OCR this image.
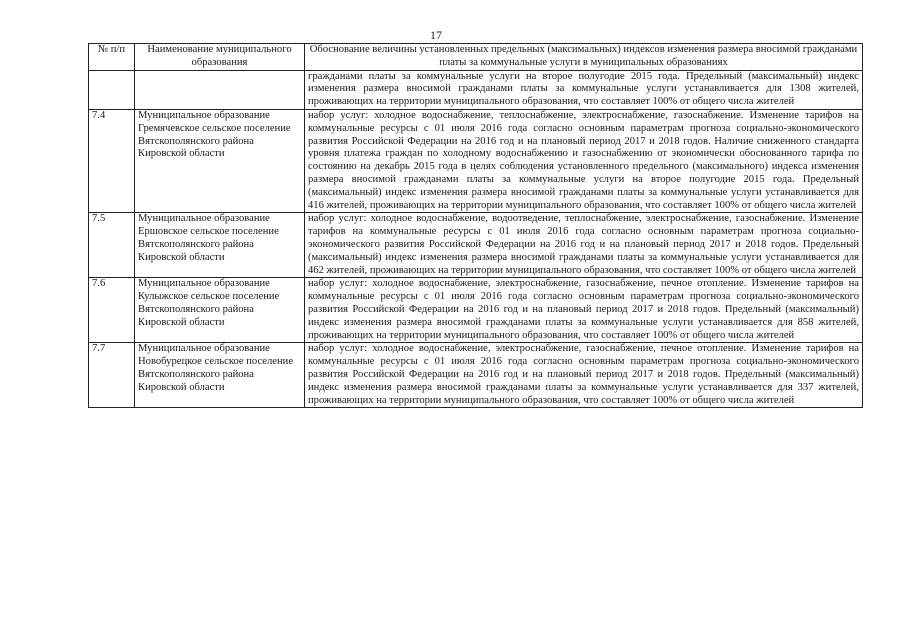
17
№ п/п	Наименование муниципального образования	Обоснование величины установленных предельных (максимальных) индексов изменения размера вносимой гражданами платы за коммунальные услуги в муниципальных образованиях
		гражданами платы за коммунальные услуги на второе полугодие 2015 года. Предельный (максимальный) индекс изменения размера вносимой гражданами платы за коммунальные услуги устанавливается для 1308 жителей, проживающих на территории муниципального образования, что составляет 100% от общего числа жителей
7.4	Муниципальное образование Гремячевское сельское поселение Вятскополянского района Кировской области	набор услуг: холодное водоснабжение, теплоснабжение, электроснабжение, газоснабжение. Изменение тарифов на коммунальные ресурсы с 01 июля 2016 года согласно основным параметрам прогноза социально-экономического развития Российской Федерации на 2016 год и на плановый период 2017 и 2018 годов. Наличие сниженного стандарта уровня платежа граждан по холодному водоснабжению и газоснабжению от экономически обоснованного тарифа по состоянию на декабрь 2015 года в целях соблюдения установленного предельного (максимального) индекса изменения размера вносимой гражданами платы за коммунальные услуги на второе полугодие 2015 года. Предельный (максимальный) индекс изменения размера вносимой гражданами платы за коммунальные услуги устанавливается для 416 жителей, проживающих на территории муниципального образования, что составляет 100% от общего числа жителей
7.5	Муниципальное образование Ершовское сельское поселение Вятскополянского района Кировской области	набор услуг: холодное водоснабжение, водоотведение, теплоснабжение, электроснабжение, газоснабжение. Изменение тарифов на коммунальные ресурсы с 01 июля 2016 года согласно основным параметрам прогноза социально-экономического развития Российской Федерации на 2016 год и на плановый период 2017 и 2018 годов. Предельный (максимальный) индекс изменения размера вносимой гражданами платы за коммунальные услуги устанавливается для 462 жителей, проживающих на территории муниципального образования, что составляет 100% от общего числа жителей
7.6	Муниципальное образование Кулыжское сельское поселение Вятскополянского района Кировской области	набор услуг: холодное водоснабжение, электроснабжение, газоснабжение, печное отопление. Изменение тарифов на коммунальные ресурсы с 01 июля 2016 года согласно основным параметрам прогноза социально-экономического развития Российской Федерации на 2016 год и на плановый период 2017 и 2018 годов. Предельный (максимальный) индекс изменения размера вносимой гражданами платы за коммунальные услуги устанавливается для 858 жителей, проживающих на территории муниципального образования, что составляет 100% от общего числа жителей
7.7	Муниципальное образование Новобурецкое сельское поселение Вятскополянского района Кировской области	набор услуг: холодное водоснабжение, электроснабжение, газоснабжение, печное отопление. Изменение тарифов на коммунальные ресурсы с 01 июля 2016 года согласно основным параметрам прогноза социально-экономического развития Российской Федерации на 2016 год и на плановый период 2017 и 2018 годов. Предельный (максимальный) индекс изменения размера вносимой гражданами платы за коммунальные услуги устанавливается для 337 жителей, проживающих на территории муниципального образования, что составляет 100% от общего числа жителей
